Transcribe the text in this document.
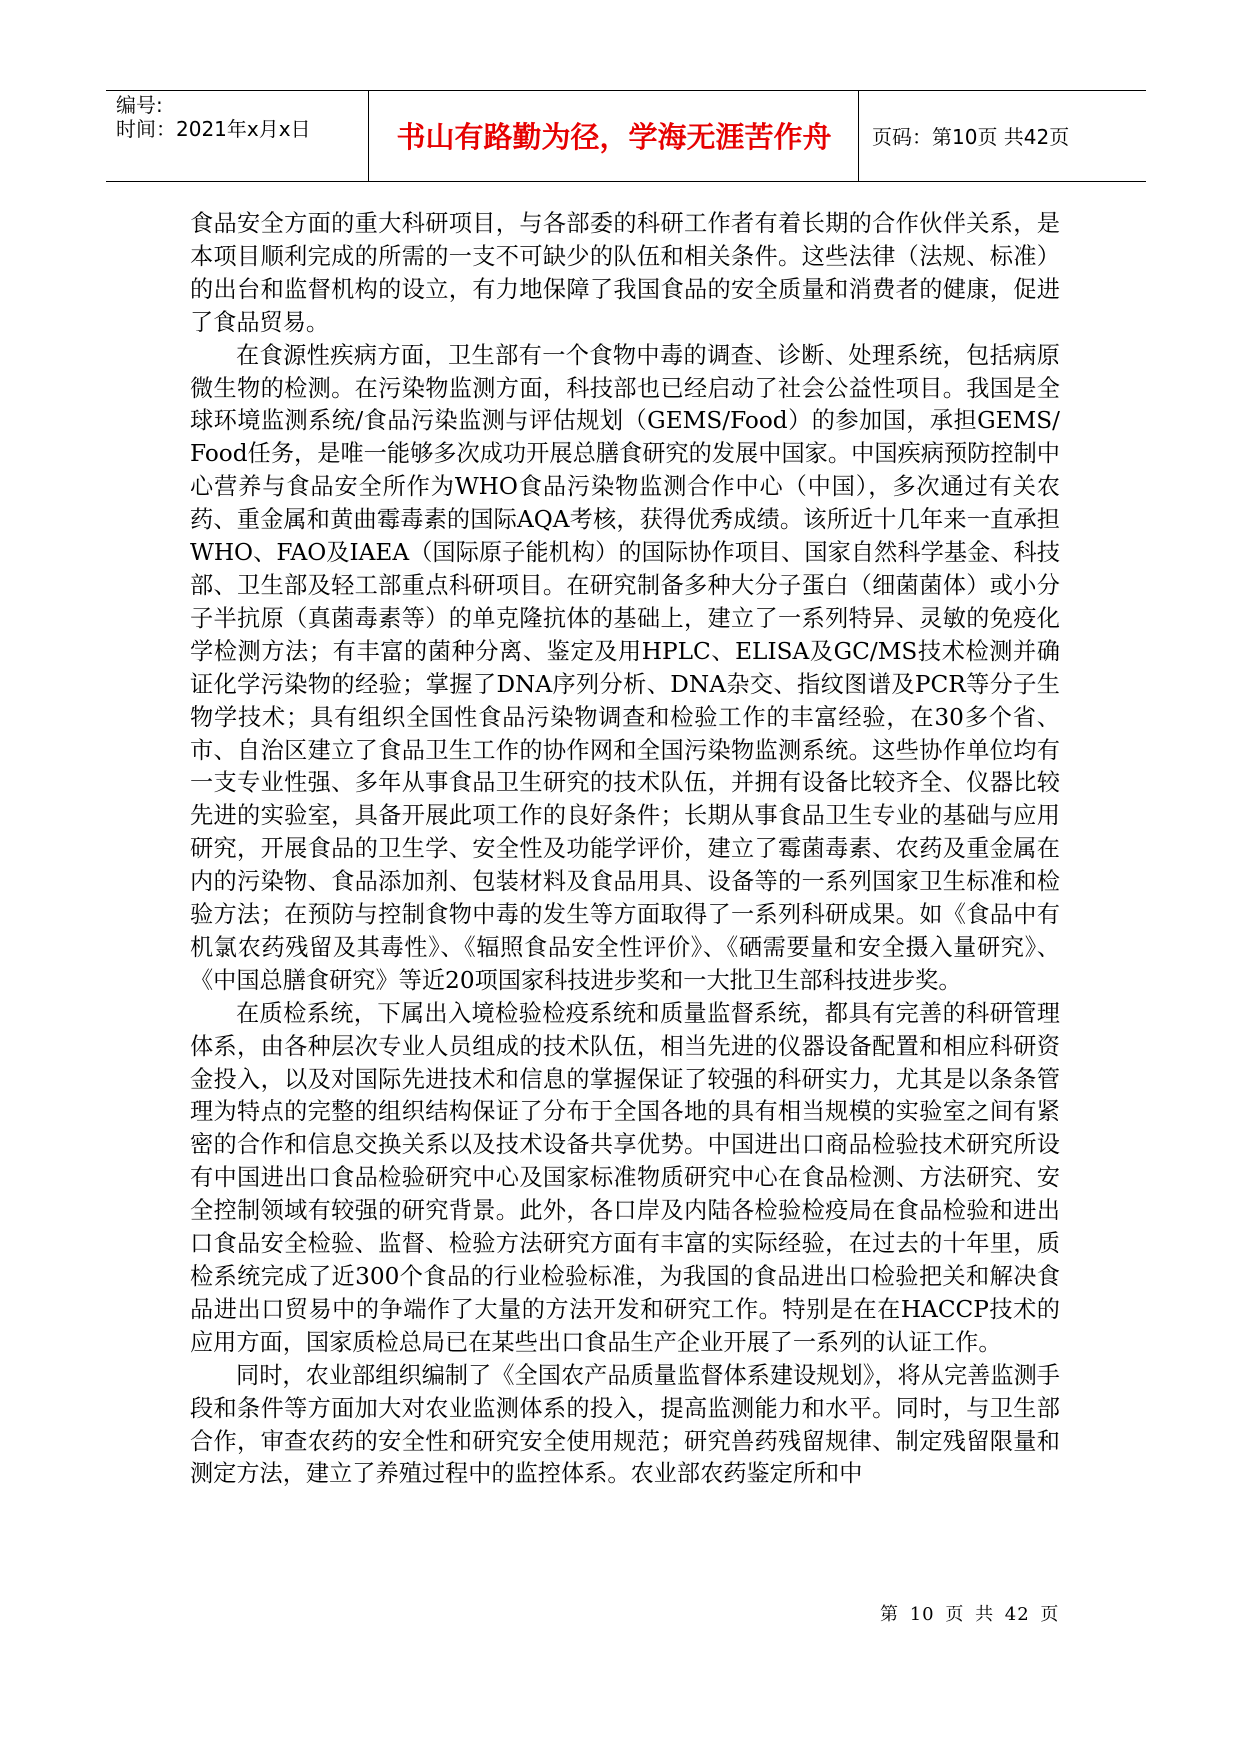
编号:
时间：2021年x月x日	书山有路勤为径，学海无涯苦作舟	页码：第10页 共42页

食品安全方面的重大科研项目，与各部委的科研工作者有着长期的合作伙伴关系，是本项目顺利完成的所需的一支不可缺少的队伍和相关条件。这些法律（法规、标准）的出台和监督机构的设立，有力地保障了我国食品的安全质量和消费者的健康，促进了食品贸易。

在食源性疾病方面，卫生部有一个食物中毒的调查、诊断、处理系统，包括病原微生物的检测。在污染物监测方面，科技部也已经启动了社会公益性项目。我国是全球环境监测系统/食品污染监测与评估规划（GEMS/Food）的参加国，承担GEMS/Food任务，是唯一能够多次成功开展总膳食研究的发展中国家。中国疾病预防控制中心营养与食品安全所作为WHO食品污染物监测合作中心（中国），多次通过有关农药、重金属和黄曲霉毒素的国际AQA考核，获得优秀成绩。该所近十几年来一直承担WHO、FAO及IAEA（国际原子能机构）的国际协作项目、国家自然科学基金、科技部、卫生部及轻工部重点科研项目。在研究制备多种大分子蛋白（细菌菌体）或小分子半抗原（真菌毒素等）的单克隆抗体的基础上，建立了一系列特异、灵敏的免疫化学检测方法；有丰富的菌种分离、鉴定及用HPLC、ELISA及GC/MS技术检测并确证化学污染物的经验；掌握了DNA序列分析、DNA杂交、指纹图谱及PCR等分子生物学技术；具有组织全国性食品污染物调查和检验工作的丰富经验，在30多个省、市、自治区建立了食品卫生工作的协作网和全国污染物监测系统。这些协作单位均有一支专业性强、多年从事食品卫生研究的技术队伍，并拥有设备比较齐全、仪器比较先进的实验室，具备开展此项工作的良好条件；长期从事食品卫生专业的基础与应用研究，开展食品的卫生学、安全性及功能学评价，建立了霉菌毒素、农药及重金属在内的污染物、食品添加剂、包装材料及食品用具、设备等的一系列国家卫生标准和检验方法；在预防与控制食物中毒的发生等方面取得了一系列科研成果。如《食品中有机氯农药残留及其毒性》、《辐照食品安全性评价》、《硒需要量和安全摄入量研究》、《中国总膳食研究》等近20项国家科技进步奖和一大批卫生部科技进步奖。

在质检系统，下属出入境检验检疫系统和质量监督系统，都具有完善的科研管理体系，由各种层次专业人员组成的技术队伍，相当先进的仪器设备配置和相应科研资金投入，以及对国际先进技术和信息的掌握保证了较强的科研实力，尤其是以条条管理为特点的完整的组织结构保证了分布于全国各地的具有相当规模的实验室之间有紧密的合作和信息交换关系以及技术设备共享优势。中国进出口商品检验技术研究所设有中国进出口食品检验研究中心及国家标准物质研究中心在食品检测、方法研究、安全控制领域有较强的研究背景。此外，各口岸及内陆各检验检疫局在食品检验和进出口食品安全检验、监督、检验方法研究方面有丰富的实际经验，在过去的十年里，质检系统完成了近300个食品的行业检验标准，为我国的食品进出口检验把关和解决食品进出口贸易中的争端作了大量的方法开发和研究工作。特别是在在HACCP技术的应用方面，国家质检总局已在某些出口食品生产企业开展了一系列的认证工作。

同时，农业部组织编制了《全国农产品质量监督体系建设规划》，将从完善监测手段和条件等方面加大对农业监测体系的投入，提高监测能力和水平。同时，与卫生部合作，审查农药的安全性和研究安全使用规范；研究兽药残留规律、制定残留限量和测定方法，建立了养殖过程中的监控体系。农业部农药鉴定所和中

第 10 页 共 42 页
